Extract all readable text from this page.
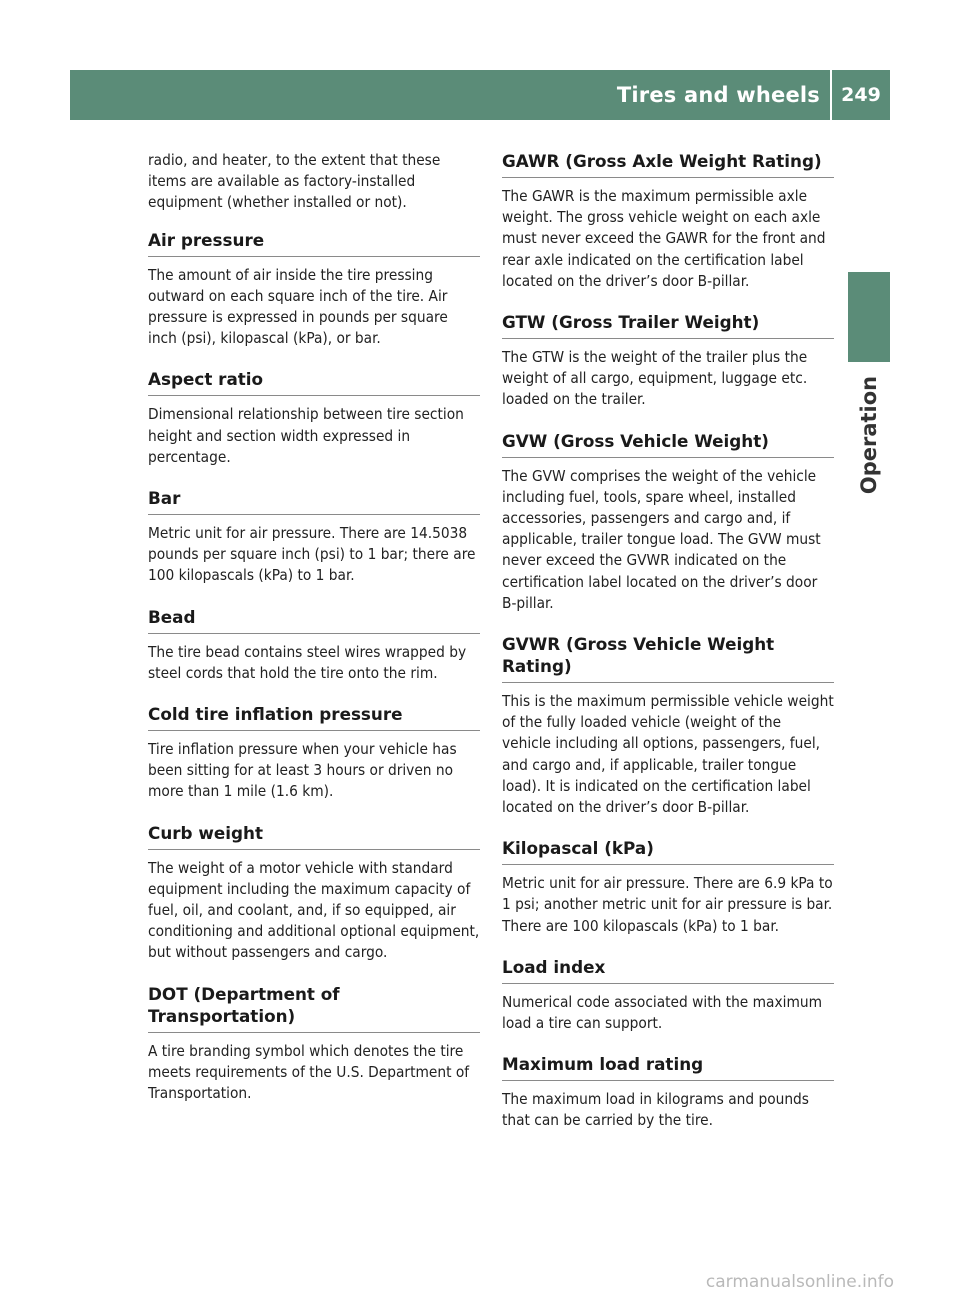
Tires and wheels	249
Operation

radio, and heater, to the extent that these items are available as factory-installed equipment (whether installed or not).

Air pressure

The amount of air inside the tire pressing outward on each square inch of the tire. Air pressure is expressed in pounds per square inch (psi), kilopascal (kPa), or bar.

Aspect ratio

Dimensional relationship between tire section height and section width expressed in percentage.

Bar

Metric unit for air pressure. There are 14.5038 pounds per square inch (psi) to 1 bar; there are 100 kilopascals (kPa) to 1 bar.

Bead

The tire bead contains steel wires wrapped by steel cords that hold the tire onto the rim.

Cold tire inflation pressure

Tire inflation pressure when your vehicle has been sitting for at least 3 hours or driven no more than 1 mile (1.6 km).

Curb weight

The weight of a motor vehicle with standard equipment including the maximum capacity of fuel, oil, and coolant, and, if so equipped, air conditioning and additional optional equipment, but without passengers and cargo.

DOT (Department of Transportation)

A tire branding symbol which denotes the tire meets requirements of the U.S. Department of Transportation.

GAWR (Gross Axle Weight Rating)

The GAWR is the maximum permissible axle weight. The gross vehicle weight on each axle must never exceed the GAWR for the front and rear axle indicated on the certification label located on the driver’s door B-pillar.

GTW (Gross Trailer Weight)

The GTW is the weight of the trailer plus the weight of all cargo, equipment, luggage etc. loaded on the trailer.

GVW (Gross Vehicle Weight)

The GVW comprises the weight of the vehicle including fuel, tools, spare wheel, installed accessories, passengers and cargo and, if applicable, trailer tongue load. The GVW must never exceed the GVWR indicated on the certification label located on the driver’s door B-pillar.

GVWR (Gross Vehicle Weight Rating)

This is the maximum permissible vehicle weight of the fully loaded vehicle (weight of the vehicle including all options, passengers, fuel, and cargo and, if applicable, trailer tongue load). It is indicated on the certification label located on the driver’s door B-pillar.

Kilopascal (kPa)

Metric unit for air pressure. There are 6.9 kPa to 1 psi; another metric unit for air pressure is bar. There are 100 kilopascals (kPa) to 1 bar.

Load index

Numerical code associated with the maximum load a tire can support.

Maximum load rating

The maximum load in kilograms and pounds that can be carried by the tire.

carmanualsonline.info
